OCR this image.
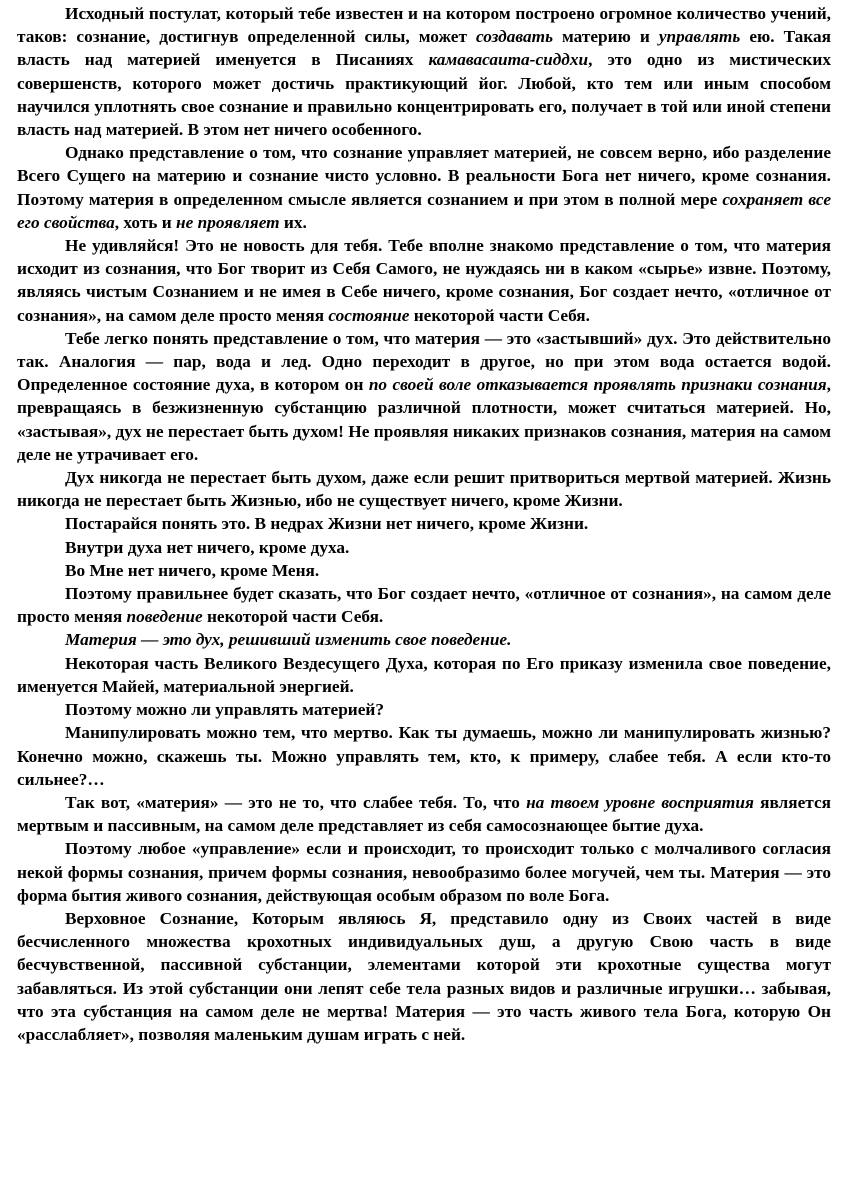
Исходный постулат, который тебе известен и на котором построено огромное количество учений, таков: сознание, достигнув определенной силы, может создавать материю и управлять ею. Такая власть над материей именуется в Писаниях камавасаита-сиддхи, это одно из мистических совершенств, которого может достичь практикующий йог. Любой, кто тем или иным способом научился уплотнять свое сознание и правильно концентрировать его, получает в той или иной степени власть над материей. В этом нет ничего особенного.

Однако представление о том, что сознание управляет материей, не совсем верно, ибо разделение Всего Сущего на материю и сознание чисто условно. В реальности Бога нет ничего, кроме сознания. Поэтому материя в определенном смысле является сознанием и при этом в полной мере сохраняет все его свойства, хоть и не проявляет их.

Не удивляйся! Это не новость для тебя. Тебе вполне знакомо представление о том, что материя исходит из сознания, что Бог творит из Себя Самого, не нуждаясь ни в каком «сырье» извне. Поэтому, являясь чистым Сознанием и не имея в Себе ничего, кроме сознания, Бог создает нечто, «отличное от сознания», на самом деле просто меняя состояние некоторой части Себя.

Тебе легко понять представление о том, что материя — это «застывший» дух. Это действительно так. Аналогия — пар, вода и лед. Одно переходит в другое, но при этом вода остается водой. Определенное состояние духа, в котором он по своей воле отказывается проявлять признаки сознания, превращаясь в безжизненную субстанцию различной плотности, может считаться материей. Но, «застывая», дух не перестает быть духом! Не проявляя никаких признаков сознания, материя на самом деле не утрачивает его.

Дух никогда не перестает быть духом, даже если решит притвориться мертвой материей. Жизнь никогда не перестает быть Жизнью, ибо не существует ничего, кроме Жизни.

Постарайся понять это. В недрах Жизни нет ничего, кроме Жизни.

Внутри духа нет ничего, кроме духа.

Во Мне нет ничего, кроме Меня.

Поэтому правильнее будет сказать, что Бог создает нечто, «отличное от сознания», на самом деле просто меняя поведение некоторой части Себя.

Материя — это дух, решивший изменить свое поведение.

Некоторая часть Великого Вездесущего Духа, которая по Его приказу изменила свое поведение, именуется Майей, материальной энергией.

Поэтому можно ли управлять материей?

Манипулировать можно тем, что мертво. Как ты думаешь, можно ли манипулировать жизнью? Конечно можно, скажешь ты. Можно управлять тем, кто, к примеру, слабее тебя. А если кто-то сильнее?…

Так вот, «материя» — это не то, что слабее тебя. То, что на твоем уровне восприятия является мертвым и пассивным, на самом деле представляет из себя самосознающее бытие духа.

Поэтому любое «управление» если и происходит, то происходит только с молчаливого согласия некой формы сознания, причем формы сознания, невообразимо более могучей, чем ты. Материя — это форма бытия живого сознания, действующая особым образом по воле Бога.

Верховное Сознание, Которым являюсь Я, представило одну из Своих частей в виде бесчисленного множества крохотных индивидуальных душ, а другую Свою часть в виде бесчувственной, пассивной субстанции, элементами которой эти крохотные существа могут забавляться. Из этой субстанции они лепят себе тела разных видов и различные игрушки… забывая, что эта субстанция на самом деле не мертва! Материя — это часть живого тела Бога, которую Он «расслабляет», позволяя маленьким душам играть с ней.
